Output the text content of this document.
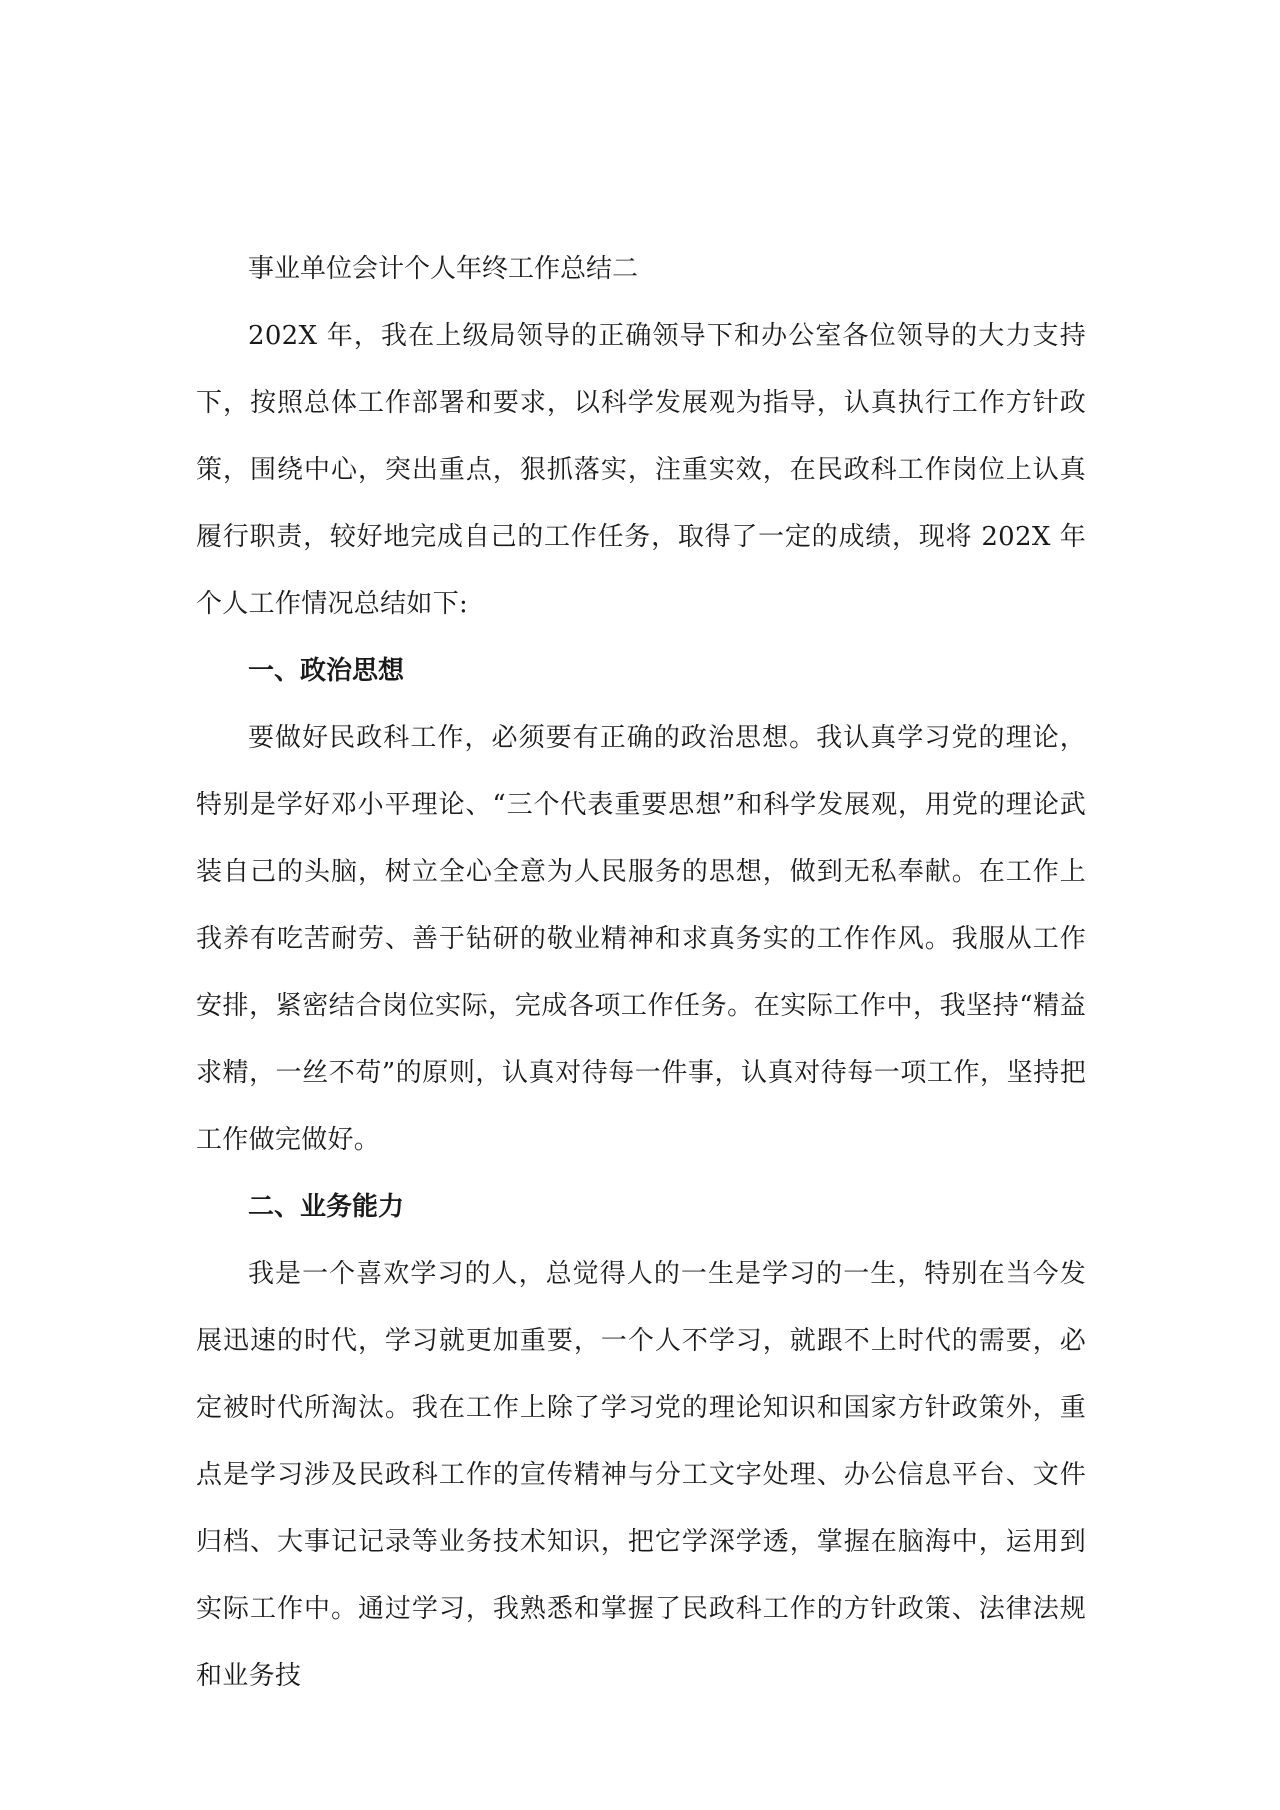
事业单位会计个人年终工作总结二

202X 年，我在上级局领导的正确领导下和办公室各位领导的大力支持下，按照总体工作部署和要求，以科学发展观为指导，认真执行工作方针政策，围绕中心，突出重点，狠抓落实，注重实效，在民政科工作岗位上认真履行职责，较好地完成自己的工作任务，取得了一定的成绩，现将 202X 年个人工作情况总结如下:

一、政治思想

要做好民政科工作，必须要有正确的政治思想。我认真学习党的理论，特别是学好邓小平理论、“三个代表重要思想”和科学发展观，用党的理论武装自己的头脑，树立全心全意为人民服务的思想，做到无私奉献。在工作上我养有吃苦耐劳、善于钻研的敬业精神和求真务实的工作作风。我服从工作安排，紧密结合岗位实际，完成各项工作任务。在实际工作中，我坚持“精益求精，一丝不苟”的原则，认真对待每一件事，认真对待每一项工作，坚持把工作做完做好。

二、业务能力

我是一个喜欢学习的人，总觉得人的一生是学习的一生，特别在当今发展迅速的时代，学习就更加重要，一个人不学习，就跟不上时代的需要，必定被时代所淘汰。我在工作上除了学习党的理论知识和国家方针政策外，重点是学习涉及民政科工作的宣传精神与分工文字处理、办公信息平台、文件归档、大事记记录等业务技术知识，把它学深学透，掌握在脑海中，运用到实际工作中。通过学习，我熟悉和掌握了民政科工作的方针政策、法律法规和业务技
